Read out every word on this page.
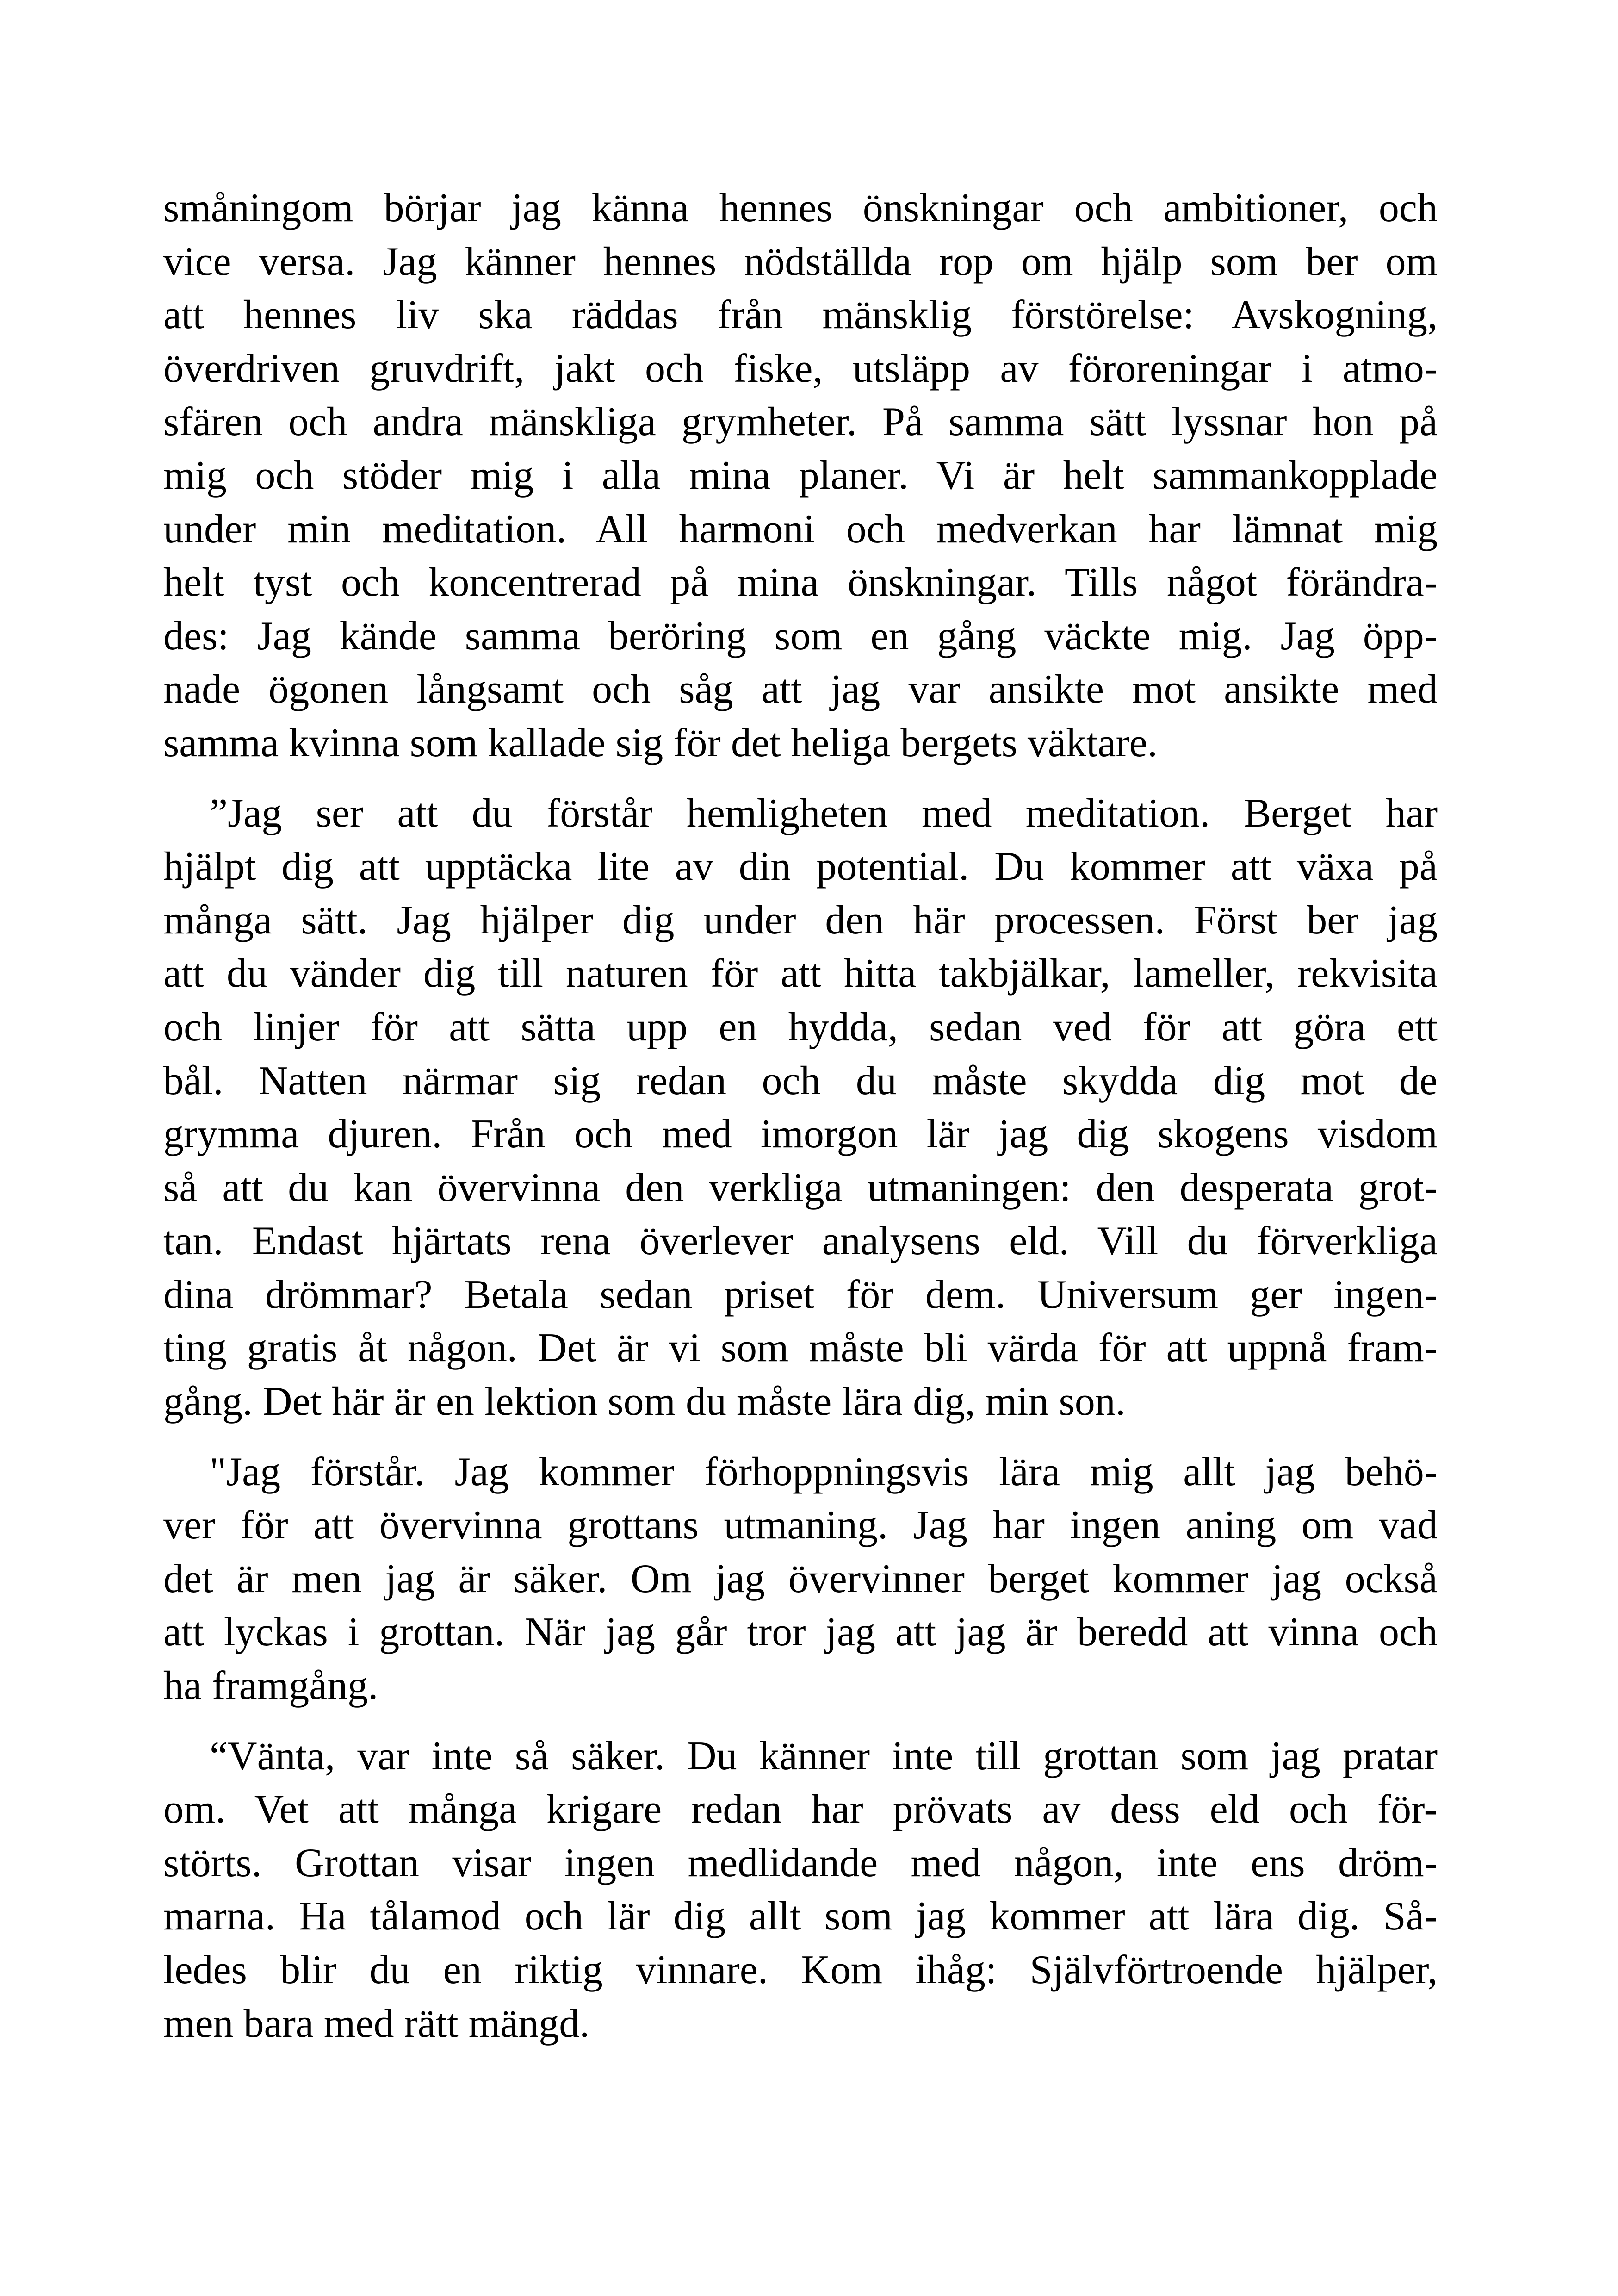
småningom börjar jag känna hennes önskningar och ambitioner, och
vice versa. Jag känner hennes nödställda rop om hjälp som ber om
att hennes liv ska räddas från mänsklig förstörelse: Avskogning,
överdriven gruvdrift, jakt och fiske, utsläpp av föroreningar i atmo-
sfären och andra mänskliga grymheter. På samma sätt lyssnar hon på
mig och stöder mig i alla mina planer. Vi är helt sammankopplade
under min meditation. All harmoni och medverkan har lämnat mig
helt tyst och koncentrerad på mina önskningar. Tills något förändra-
des: Jag kände samma beröring som en gång väckte mig. Jag öpp-
nade ögonen långsamt och såg att jag var ansikte mot ansikte med
samma kvinna som kallade sig för det heliga bergets väktare.

”Jag ser att du förstår hemligheten med meditation. Berget har
hjälpt dig att upptäcka lite av din potential. Du kommer att växa på
många sätt. Jag hjälper dig under den här processen. Först ber jag
att du vänder dig till naturen för att hitta takbjälkar, lameller, rekvisita
och linjer för att sätta upp en hydda, sedan ved för att göra ett
bål. Natten närmar sig redan och du måste skydda dig mot de
grymma djuren. Från och med imorgon lär jag dig skogens visdom
så att du kan övervinna den verkliga utmaningen: den desperata grot-
tan. Endast hjärtats rena överlever analysens eld. Vill du förverkliga
dina drömmar? Betala sedan priset för dem. Universum ger ingen-
ting gratis åt någon. Det är vi som måste bli värda för att uppnå fram-
gång. Det här är en lektion som du måste lära dig, min son.

"Jag förstår. Jag kommer förhoppningsvis lära mig allt jag behö-
ver för att övervinna grottans utmaning. Jag har ingen aning om vad
det är men jag är säker. Om jag övervinner berget kommer jag också
att lyckas i grottan. När jag går tror jag att jag är beredd att vinna och
ha framgång.

“Vänta, var inte så säker. Du känner inte till grottan som jag pratar
om. Vet att många krigare redan har prövats av dess eld och för-
störts. Grottan visar ingen medlidande med någon, inte ens dröm-
marna. Ha tålamod och lär dig allt som jag kommer att lära dig. Så-
ledes blir du en riktig vinnare. Kom ihåg: Självförtroende hjälper,
men bara med rätt mängd.
